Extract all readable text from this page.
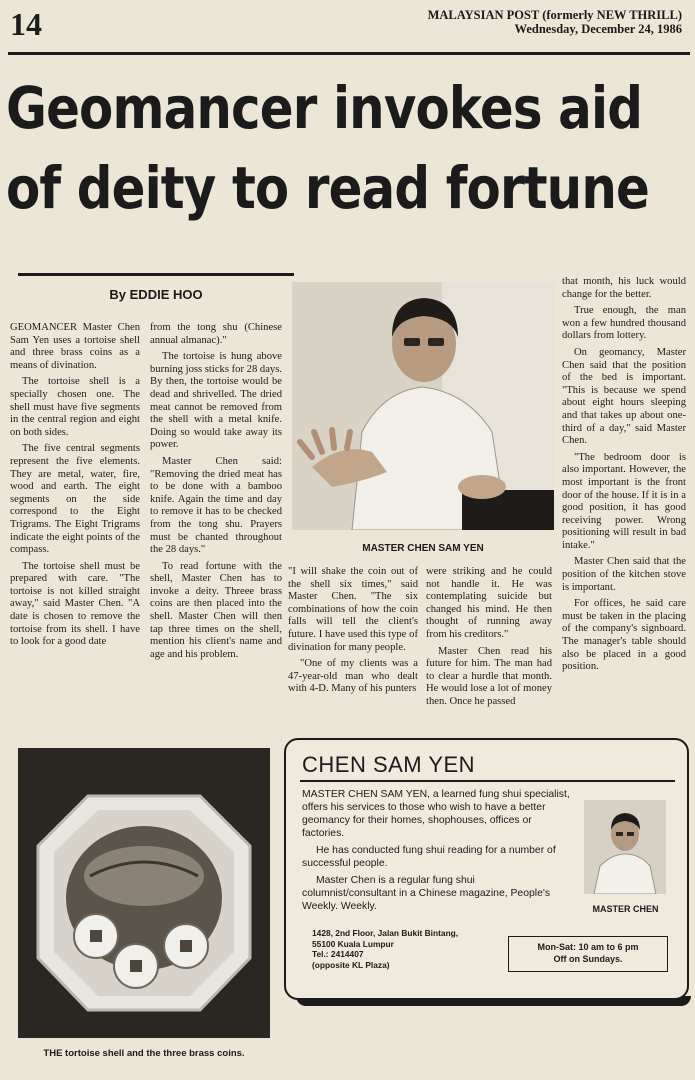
14	MALAYSIAN POST (formerly NEW THRILL)
Wednesday, December 24, 1986
Geomancer invokes aid
of deity to read fortune
By EDDIE HOO

GEOMANCER Master Chen Sam Yen uses a tortoise shell and three brass coins as a means of divination.

The tortoise shell is a specially chosen one. The shell must have five segments in the central region and eight on both sides.

The five central segments represent the five elements. They are metal, water, fire, wood and earth. The eight segments on the side correspond to the Eight Trigrams. The Eight Trigrams indicate the eight points of the compass.

The tortoise shell must be prepared with care. "The tortoise is not killed straight away," said Master Chen. "A date is chosen to remove the tortoise from its shell. I have to look for a good date

from the tong shu (Chinese annual almanac)."

The tortoise is hung above burning joss sticks for 28 days. By then, the tortoise would be dead and shrivelled. The dried meat cannot be removed from the shell with a metal knife. Doing so would take away its power.

Master Chen said: "Removing the dried meat has to be done with a bamboo knife. Again the time and day to remove it has to be checked from the tong shu. Prayers must be chanted throughout the 28 days."

To read fortune with the shell, Master Chen has to invoke a deity. Threee brass coins are then placed into the shell. Master Chen will then tap three times on the shell, mention his client's name and age and his problem.

MASTER CHEN SAM YEN

"I will shake the coin out of the shell six times," said Master Chen. "The six combinations of how the coin falls will tell the client's future. I have used this type of divination for many people.

"One of my clients was a 47-year-old man who dealt with 4-D. Many of his punters

were striking and he could not handle it. He was contemplating suicide but changed his mind. He then thought of running away from his creditors."

Master Chen read his future for him. The man had to clear a hurdle that month. He would lose a lot of money then. Once he passed

that month, his luck would change for the better.

True enough, the man won a few hundred thousand dollars from lottery.

On geomancy, Master Chen said that the position of the bed is important. "This is because we spend about eight hours sleeping and that takes up about one-third of a day," said Master Chen.

"The bedroom door is also important. However, the most important is the front door of the house. If it is in a good position, it has good receiving power. Wrong positioning will result in bad intake."

Master Chen said that the position of the kitchen stove is important.

For offices, he said care must be taken in the placing of the company's signboard. The manager's table should also be placed in a good position.

THE tortoise shell and the three brass coins.
CHEN SAM YEN

MASTER CHEN SAM YEN, a learned fung shui specialist, offers his services to those who wish to have a better geomancy for their homes, shophouses, offices or factories.

He has conducted fung shui reading for a number of successful people.

Master Chen is a regular fung shui columnist/consultant in a Chinese magazine, People's Weekly. Weekly.	MASTER CHEN
1428, 2nd Floor, Jalan Bukit Bintang,
55100 Kuala Lumpur
Tel.: 2414407
(opposite KL Plaza)
Mon-Sat: 10 am to 6 pm
Off on Sundays.
